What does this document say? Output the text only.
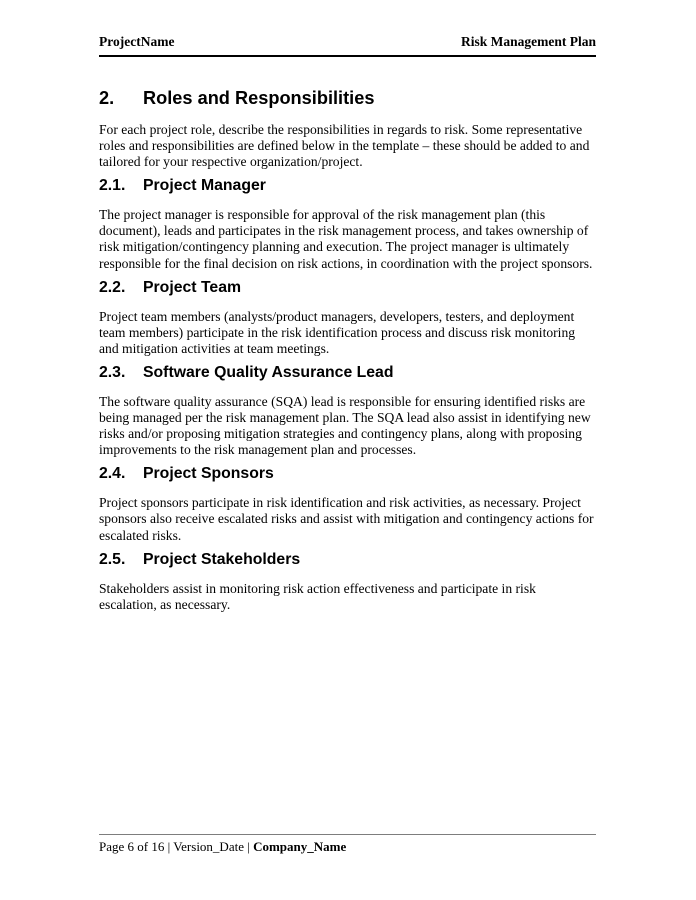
ProjectName	Risk Management Plan
2. Roles and Responsibilities

For each project role, describe the responsibilities in regards to risk. Some representative roles and responsibilities are defined below in the template – these should be added to and tailored for your respective organization/project.

2.1. Project Manager

The project manager is responsible for approval of the risk management plan (this document), leads and participates in the risk management process, and takes ownership of risk mitigation/contingency planning and execution. The project manager is ultimately responsible for the final decision on risk actions, in coordination with the project sponsors.

2.2. Project Team

Project team members (analysts/product managers, developers, testers, and deployment team members) participate in the risk identification process and discuss risk monitoring and mitigation activities at team meetings.

2.3. Software Quality Assurance Lead

The software quality assurance (SQA) lead is responsible for ensuring identified risks are being managed per the risk management plan. The SQA lead also assist in identifying new risks and/or proposing mitigation strategies and contingency plans, along with proposing improvements to the risk management plan and processes.

2.4. Project Sponsors

Project sponsors participate in risk identification and risk activities, as necessary. Project sponsors also receive escalated risks and assist with mitigation and contingency actions for escalated risks.

2.5. Project Stakeholders

Stakeholders assist in monitoring risk action effectiveness and participate in risk escalation, as necessary.

Page 6 of 16 | Version_Date | Company_Name
